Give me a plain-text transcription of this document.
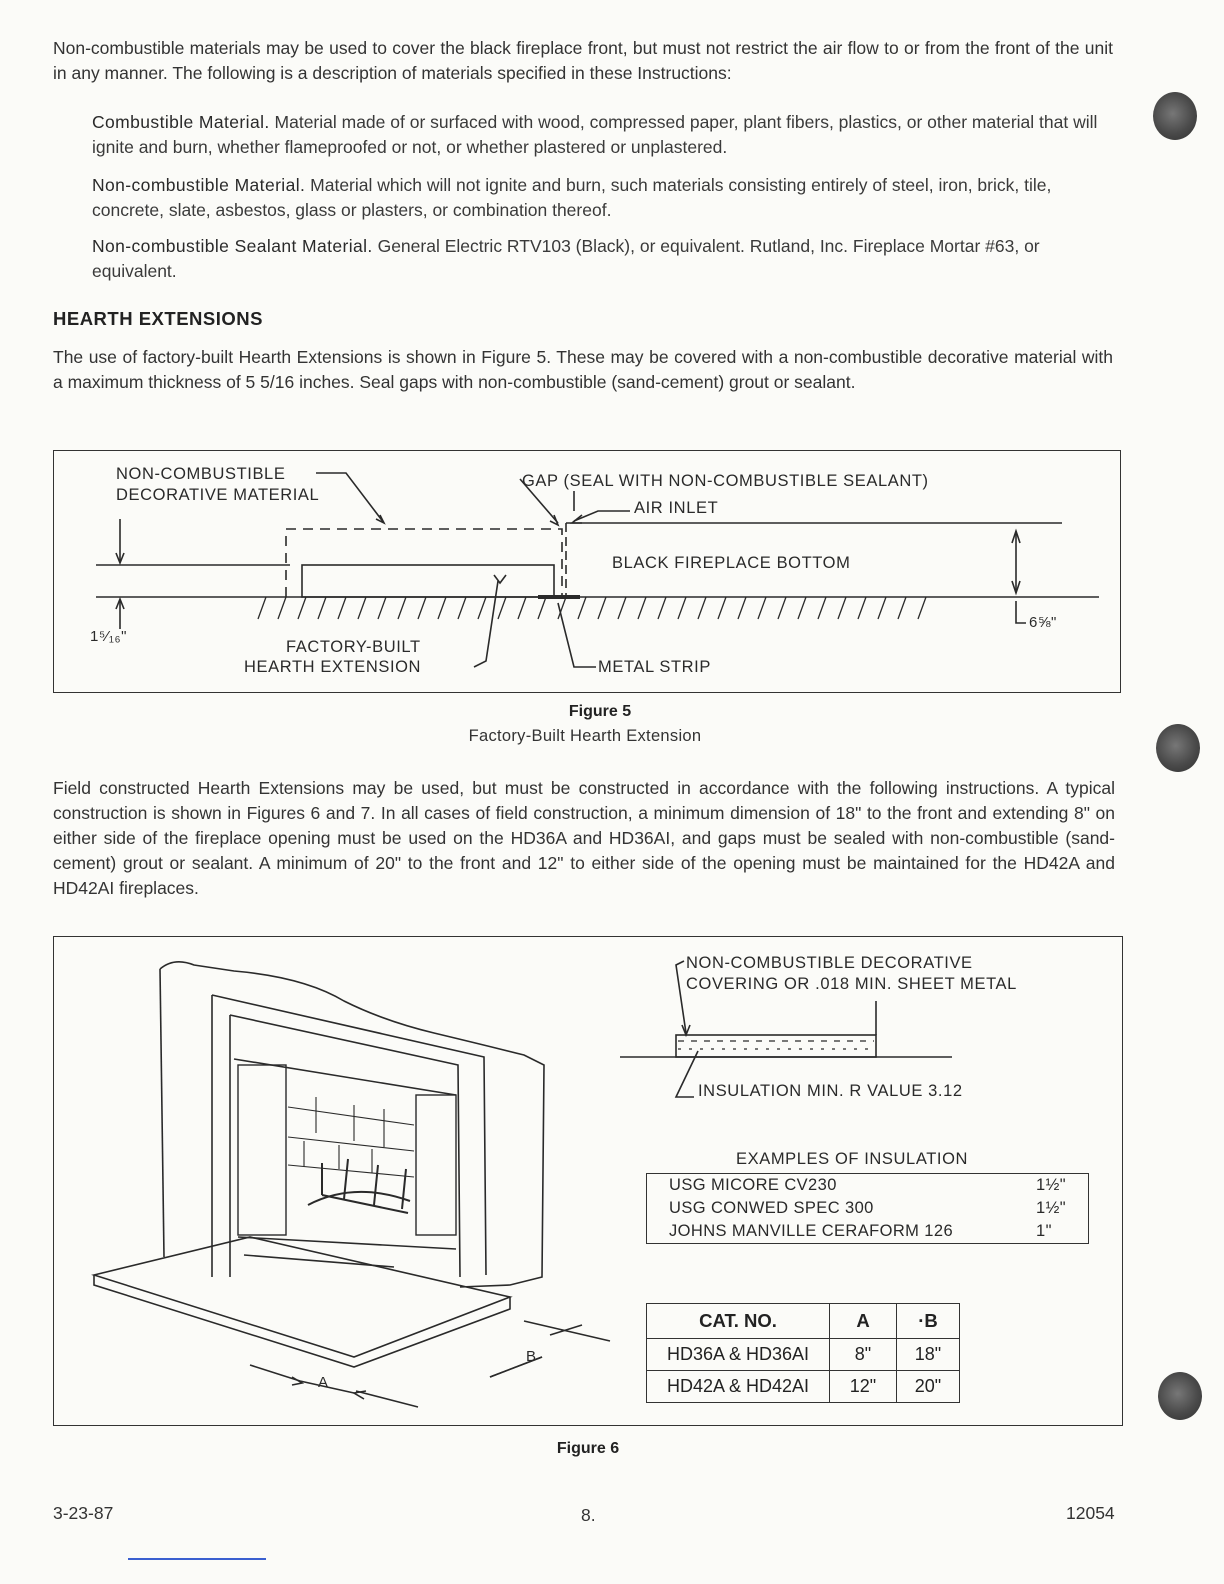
Non-combustible materials may be used to cover the black fireplace front, but must not restrict the air flow to or from the front of the unit in any manner. The following is a description of materials specified in these Instructions:
Combustible Material. Material made of or surfaced with wood, compressed paper, plant fibers, plastics, or other material that will ignite and burn, whether flameproofed or not, or whether plastered or unplastered.
Non-combustible Material. Material which will not ignite and burn, such materials consisting entirely of steel, iron, brick, tile, concrete, slate, asbestos, glass or plasters, or combination thereof.
Non-combustible Sealant Material. General Electric RTV103 (Black), or equivalent. Rutland, Inc. Fireplace Mortar #63, or equivalent.
HEARTH EXTENSIONS
The use of factory-built Hearth Extensions is shown in Figure 5. These may be covered with a non-combustible decorative material with a maximum thickness of 5 5/16 inches. Seal gaps with non-combustible (sand-cement) grout or sealant.
NON-COMBUSTIBLE
DECORATIVE MATERIAL
GAP (SEAL WITH NON-COMBUSTIBLE SEALANT)
AIR INLET
BLACK FIREPLACE BOTTOM
1⁵⁄₁₆"
6⅝"
FACTORY-BUILT
HEARTH EXTENSION	METAL STRIP
Figure 5
Factory-Built Hearth Extension
Field constructed Hearth Extensions may be used, but must be constructed in accordance with the following instructions. A typical construction is shown in Figures 6 and 7. In all cases of field construction, a minimum dimension of 18" to the front and extending 8" on either side of the fireplace opening must be used on the HD36A and HD36AI, and gaps must be sealed with non-combustible (sand-cement) grout or sealant. A minimum of 20" to the front and 12" to either side of the opening must be maintained for the HD42A and HD42AI fireplaces.
NON-COMBUSTIBLE DECORATIVE
COVERING OR .018 MIN. SHEET METAL
INSULATION MIN. R VALUE 3.12
A
B
EXAMPLES OF INSULATION
USG MICORE CV230	1½"
USG CONWED SPEC 300	1½"
JOHNS MANVILLE CERAFORM 126	1"
CAT. NO.	A	·B
HD36A & HD36AI	8"	18"
HD42A & HD42AI	12"	20"
Figure 6
3-23-87	8.	12054
